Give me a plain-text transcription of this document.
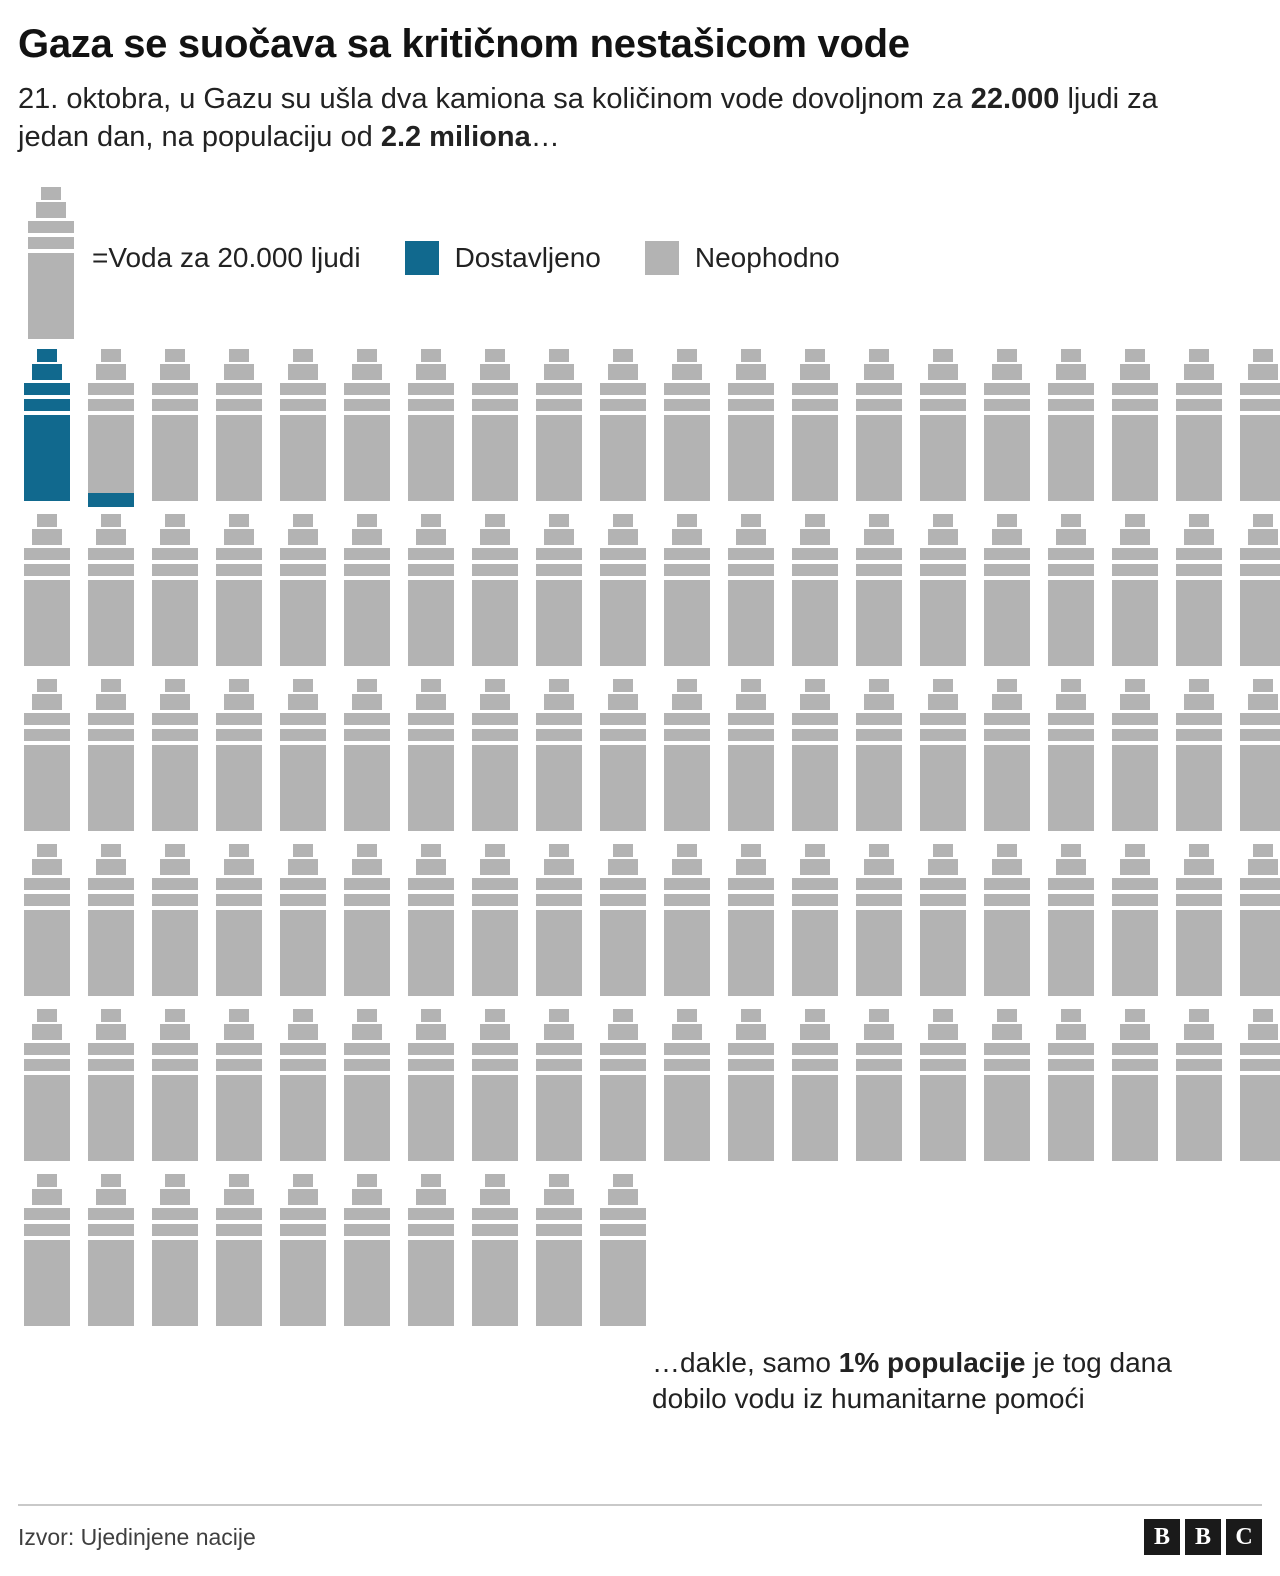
Gaza se suočava sa kritičnom nestašicom vode

21. oktobra, u Gazu su ušla dva kamiona sa količinom vode dovoljnom za 22.000 ljudi za jedan dan, na populaciju od 2.2 miliona…

=Voda za 20.000 ljudi	Dostavljeno	Neophodno
…dakle, samo 1% populacije je tog dana dobilo vodu iz humanitarne pomoći
Izvor: Ujedinjene nacije	B	B	C
